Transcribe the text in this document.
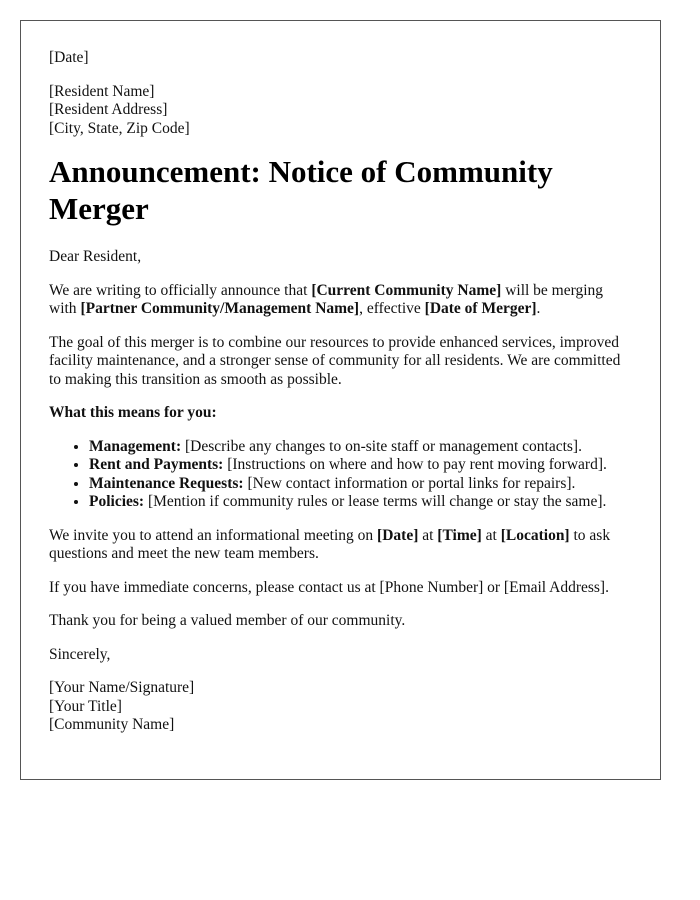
[Date]

[Resident Name]
[Resident Address]
[City, State, Zip Code]

Announcement: Notice of Community Merger

Dear Resident,

We are writing to officially announce that [Current Community Name] will be merging with [Partner Community/Management Name], effective [Date of Merger].

The goal of this merger is to combine our resources to provide enhanced services, improved facility maintenance, and a stronger sense of community for all residents. We are committed to making this transition as smooth as possible.

What this means for you:

• Management: [Describe any changes to on-site staff or management contacts].
• Rent and Payments: [Instructions on where and how to pay rent moving forward].
• Maintenance Requests: [New contact information or portal links for repairs].
• Policies: [Mention if community rules or lease terms will change or stay the same].

We invite you to attend an informational meeting on [Date] at [Time] at [Location] to ask questions and meet the new team members.

If you have immediate concerns, please contact us at [Phone Number] or [Email Address].

Thank you for being a valued member of our community.

Sincerely,

[Your Name/Signature]
[Your Title]
[Community Name]
